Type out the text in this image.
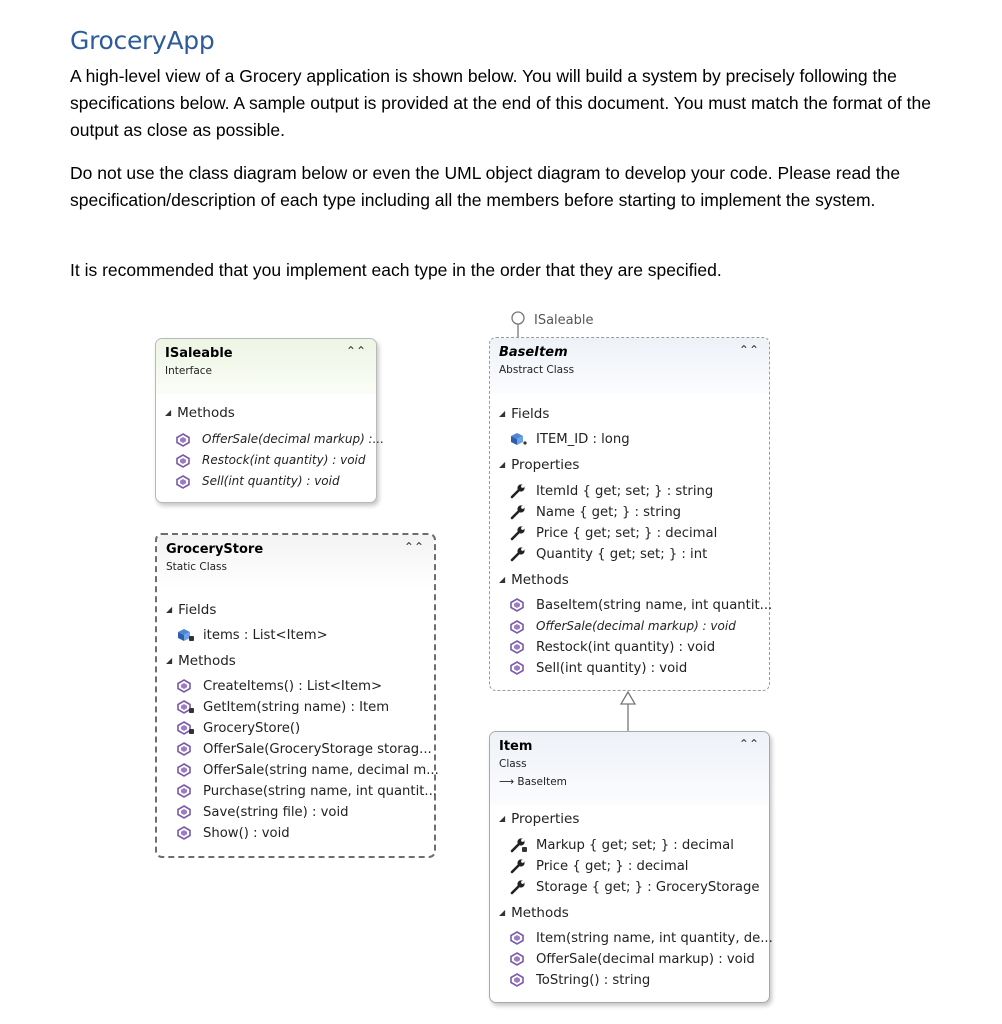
GroceryApp

A high-level view of a Grocery application is shown below. You will build a system by precisely following the specifications below. A sample output is provided at the end of this document. You must match the format of the output as close as possible.

Do not use the class diagram below or even the UML object diagram to develop your code. Please read the specification/description of each type including all the members before starting to implement the system.

It is recommended that you implement each type in the order that they are specified.

ISaleable
ISaleable
Interface
⌃⌃
◢ Methods
OfferSale(decimal markup) :...
Restock(int quantity) : void
Sell(int quantity) : void
BaseItem
Abstract Class
⌃⌃
◢ Fields
ITEM_ID : long
◢ Properties
ItemId { get; set; } : string
Name { get; } : string
Price { get; set; } : decimal
Quantity { get; set; } : int
◢ Methods
BaseItem(string name, int quantit...
OfferSale(decimal markup) : void
Restock(int quantity) : void
Sell(int quantity) : void
GroceryStore
Static Class
⌃⌃
◢ Fields
items : List<Item>
◢ Methods
CreateItems() : List<Item>
GetItem(string name) : Item
GroceryStore()
OfferSale(GroceryStorage storag...
OfferSale(string name, decimal m...
Purchase(string name, int quantit...
Save(string file) : void
Show() : void
Item
Class
⟶ BaseItem
⌃⌃
◢ Properties
Markup { get; set; } : decimal
Price { get; } : decimal
Storage { get; } : GroceryStorage
◢ Methods
Item(string name, int quantity, de...
OfferSale(decimal markup) : void
ToString() : string
